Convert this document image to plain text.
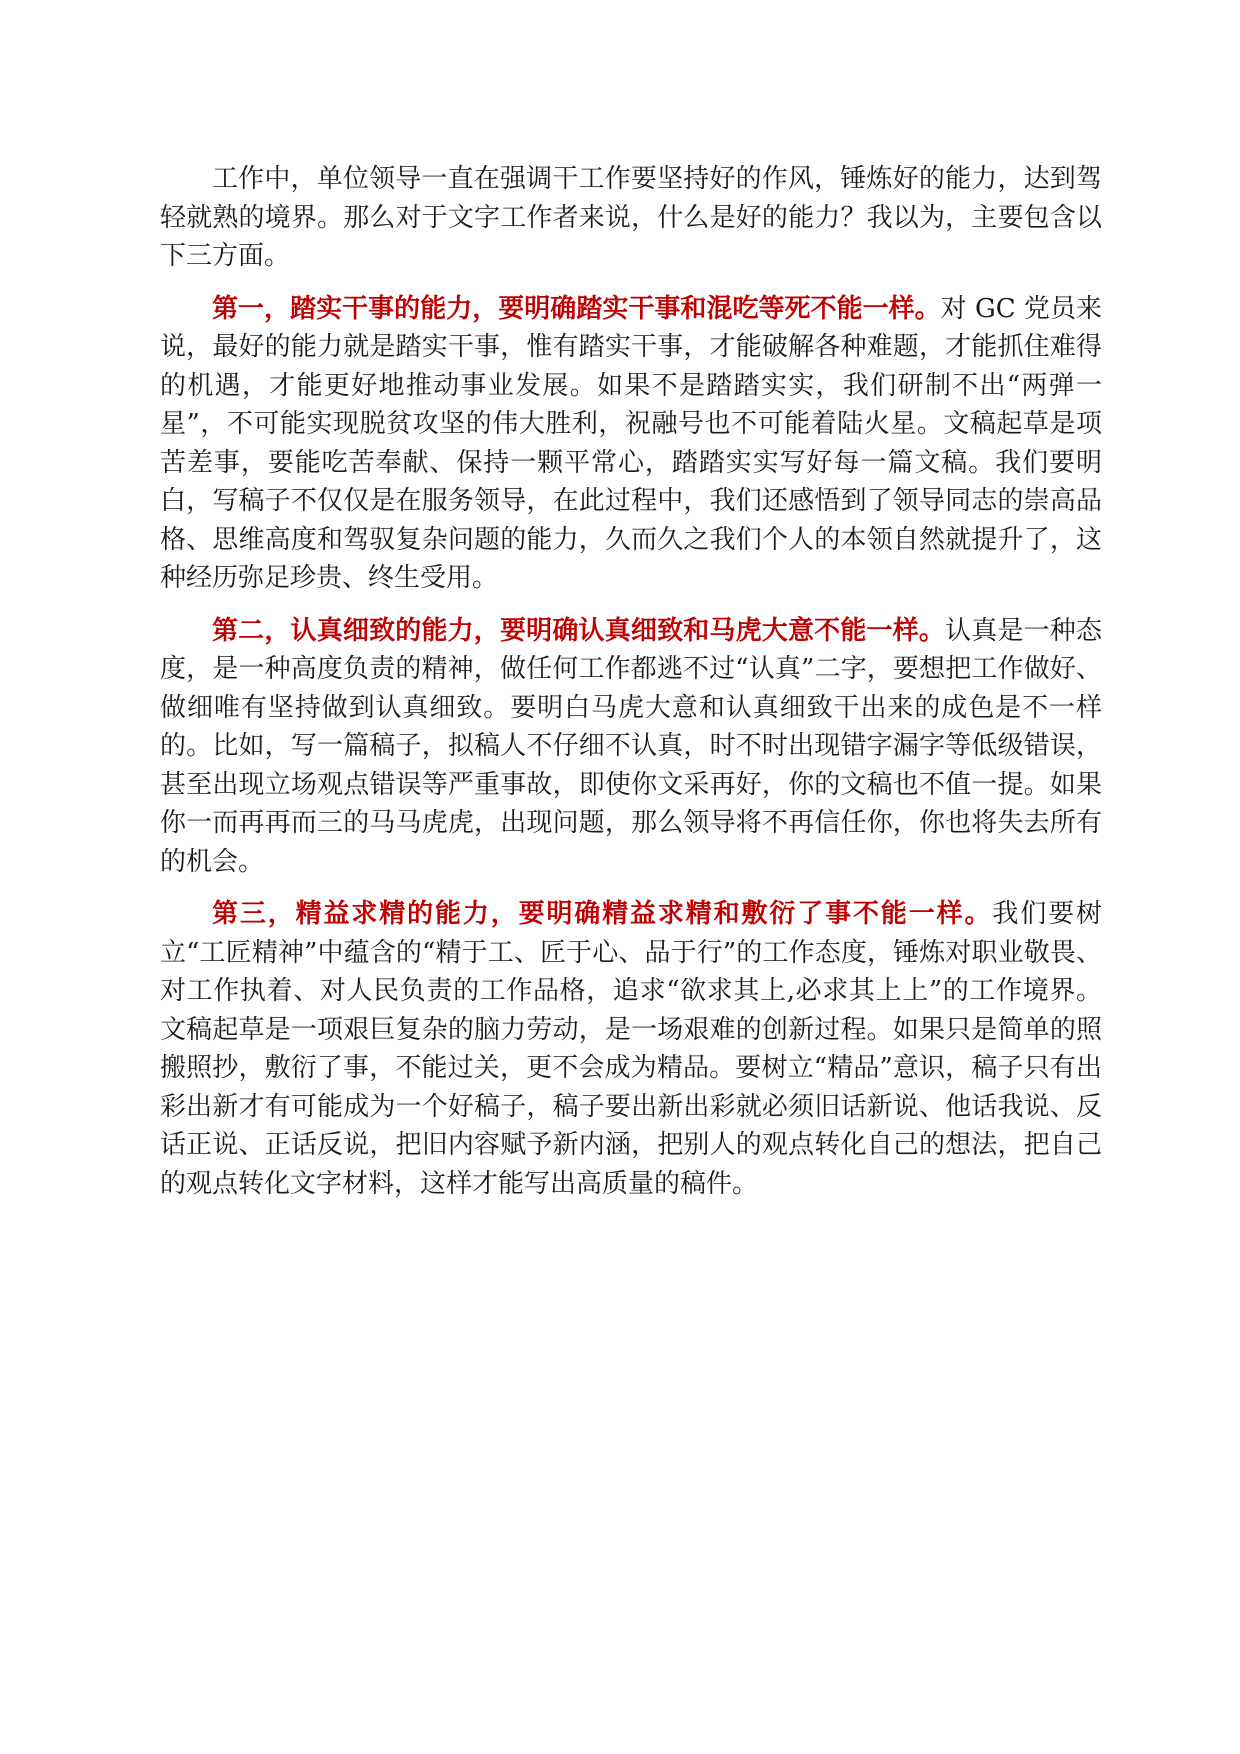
工作中，单位领导一直在强调干工作要坚持好的作风，锤炼好的能力，达到驾轻就熟的境界。那么对于文字工作者来说，什么是好的能力？我以为，主要包含以下三方面。

第一，踏实干事的能力，要明确踏实干事和混吃等死不能一样。对 GC 党员来说，最好的能力就是踏实干事，惟有踏实干事，才能破解各种难题，才能抓住难得的机遇，才能更好地推动事业发展。如果不是踏踏实实，我们研制不出“两弹一星”，不可能实现脱贫攻坚的伟大胜利，祝融号也不可能着陆火星。文稿起草是项苦差事，要能吃苦奉献、保持一颗平常心，踏踏实实写好每一篇文稿。我们要明白，写稿子不仅仅是在服务领导，在此过程中，我们还感悟到了领导同志的崇高品格、思维高度和驾驭复杂问题的能力，久而久之我们个人的本领自然就提升了，这种经历弥足珍贵、终生受用。

第二，认真细致的能力，要明确认真细致和马虎大意不能一样。认真是一种态度，是一种高度负责的精神，做任何工作都逃不过“认真”二字，要想把工作做好、做细唯有坚持做到认真细致。要明白马虎大意和认真细致干出来的成色是不一样的。比如，写一篇稿子，拟稿人不仔细不认真，时不时出现错字漏字等低级错误，甚至出现立场观点错误等严重事故，即使你文采再好，你的文稿也不值一提。如果你一而再再而三的马马虎虎，出现问题，那么领导将不再信任你，你也将失去所有的机会。

第三，精益求精的能力，要明确精益求精和敷衍了事不能一样。我们要树立“工匠精神”中蕴含的“精于工、匠于心、品于行”的工作态度，锤炼对职业敬畏、对工作执着、对人民负责的工作品格，追求“欲求其上,必求其上上”的工作境界。文稿起草是一项艰巨复杂的脑力劳动，是一场艰难的创新过程。如果只是简单的照搬照抄，敷衍了事，不能过关，更不会成为精品。要树立“精品”意识，稿子只有出彩出新才有可能成为一个好稿子，稿子要出新出彩就必须旧话新说、他话我说、反话正说、正话反说，把旧内容赋予新内涵，把别人的观点转化自己的想法，把自己的观点转化文字材料，这样才能写出高质量的稿件。
